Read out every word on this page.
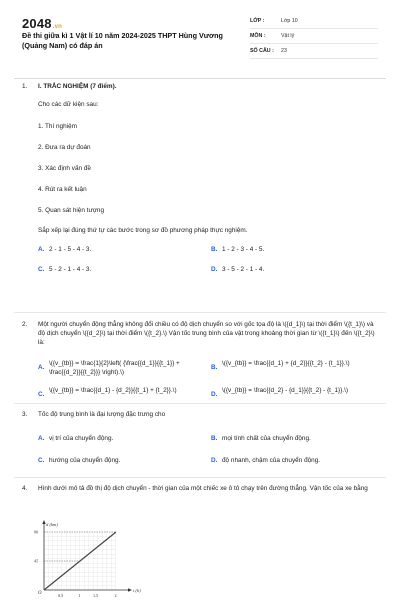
2048.vn
Đề thi giữa kì 1 Vật lí 10 năm 2024-2025 THPT Hùng Vương (Quảng Nam) có đáp án
LỚP :	Lớp 10
MÔN :	Vật lý
SỐ CÂU :	23
1. I. TRẮC NGHIỆM (7 điểm).
Cho các dữ kiện sau:
1. Thí nghiệm
2. Đưa ra dự đoán
3. Xác định vấn đề
4. Rút ra kết luận
5. Quan sát hiện tượng
Sắp xếp lại đúng thứ tự các bước trong sơ đồ phương pháp thực nghiệm.
A. 2 - 1 - 5 - 4 - 3.	B. 1 - 2 - 3 - 4 - 5.
C. 5 - 2 - 1 - 4 - 3.	D. 3 - 5 - 2 - 1 - 4.
2. Một người chuyển động thẳng không đổi chiều có độ dịch chuyển so với gốc tọa độ là \({d_1}\) tại thời điểm \({t_1}\) và độ dịch chuyển \({d_2}\) tại thời điểm \({t_2}.\) Vận tốc trung bình của vật trong khoảng thời gian từ \({t_1}\) đến \({t_2}\) là:
A.
\({v_{tb}} = \frac{1}{2}\left( {\frac{{d_1}}{{t_1}} + \frac{{d_2}}{{t_2}}} \right).\)
B.
\({v_{tb}} = \frac{{d_1} + {d_2}}{{t_2} - {t_1}}.\)
C.
\({v_{tb}} = \frac{{d_1} - {d_2}}{{t_1} + {t_2}}.\)
D.
\({v_{tb}} = \frac{{d_2} - {d_1}}{{t_2} - {t_1}}.\)
3. Tốc độ trung bình là đại lượng đặc trưng cho
A. vị trí của chuyển động.	B. mọi tính chất của chuyển động.
C. hướng của chuyển động.	D. độ nhanh, chậm của chuyển động.
4. Hình dưới mô tả đồ thị độ dịch chuyển - thời gian của một chiếc xe ô tô chạy trên đường thẳng. Vận tốc của xe bằng
d (km)
t (h)
O
90
45
0,5	1	1,5	2
